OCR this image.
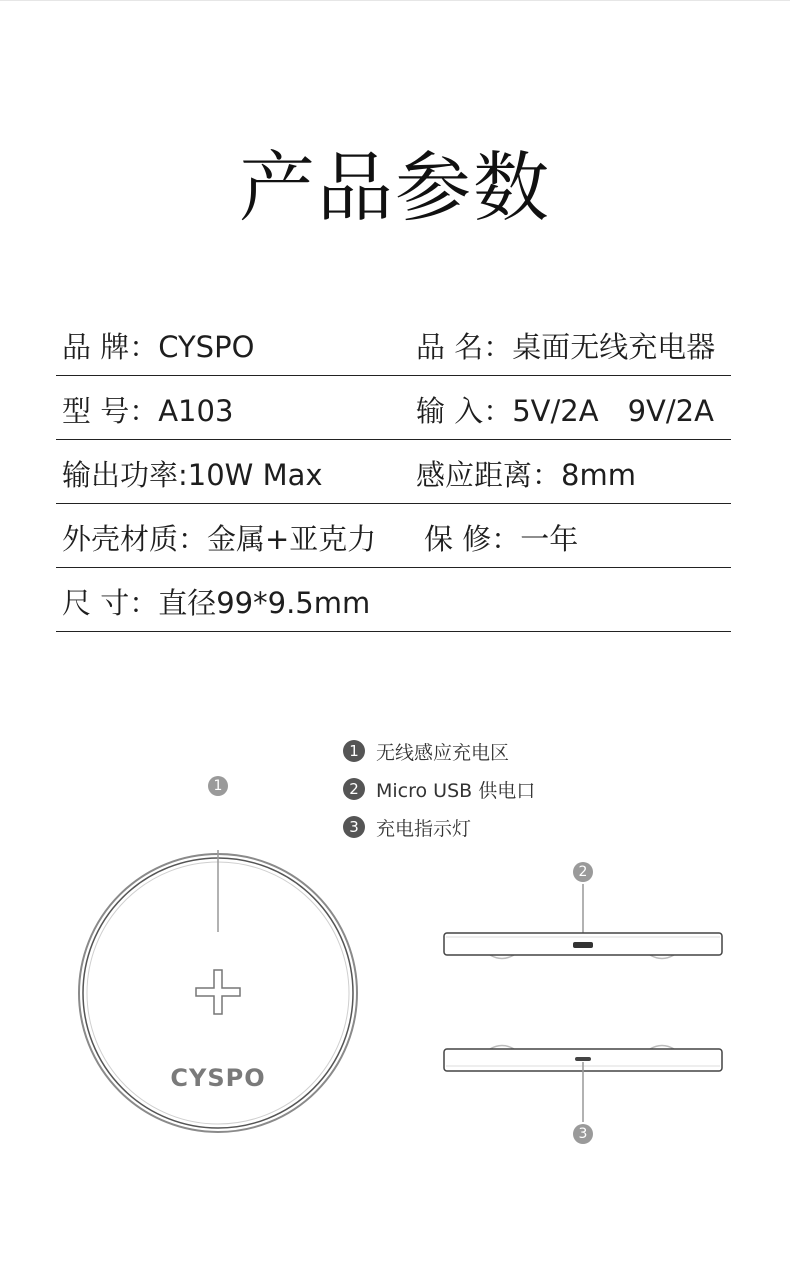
产品参数
品 牌：CYSPO	品 名：桌面无线充电器
型 号：A103	输 入：5V/2A　9V/2A
输出功率:10W Max	感应距离：8mm
外壳材质：金属+亚克力 保 修：一年
尺 寸：直径99*9.5mm
1 无线感应充电区
2 Micro USB 供电口
3 充电指示灯
1
2
3
CYSPO
